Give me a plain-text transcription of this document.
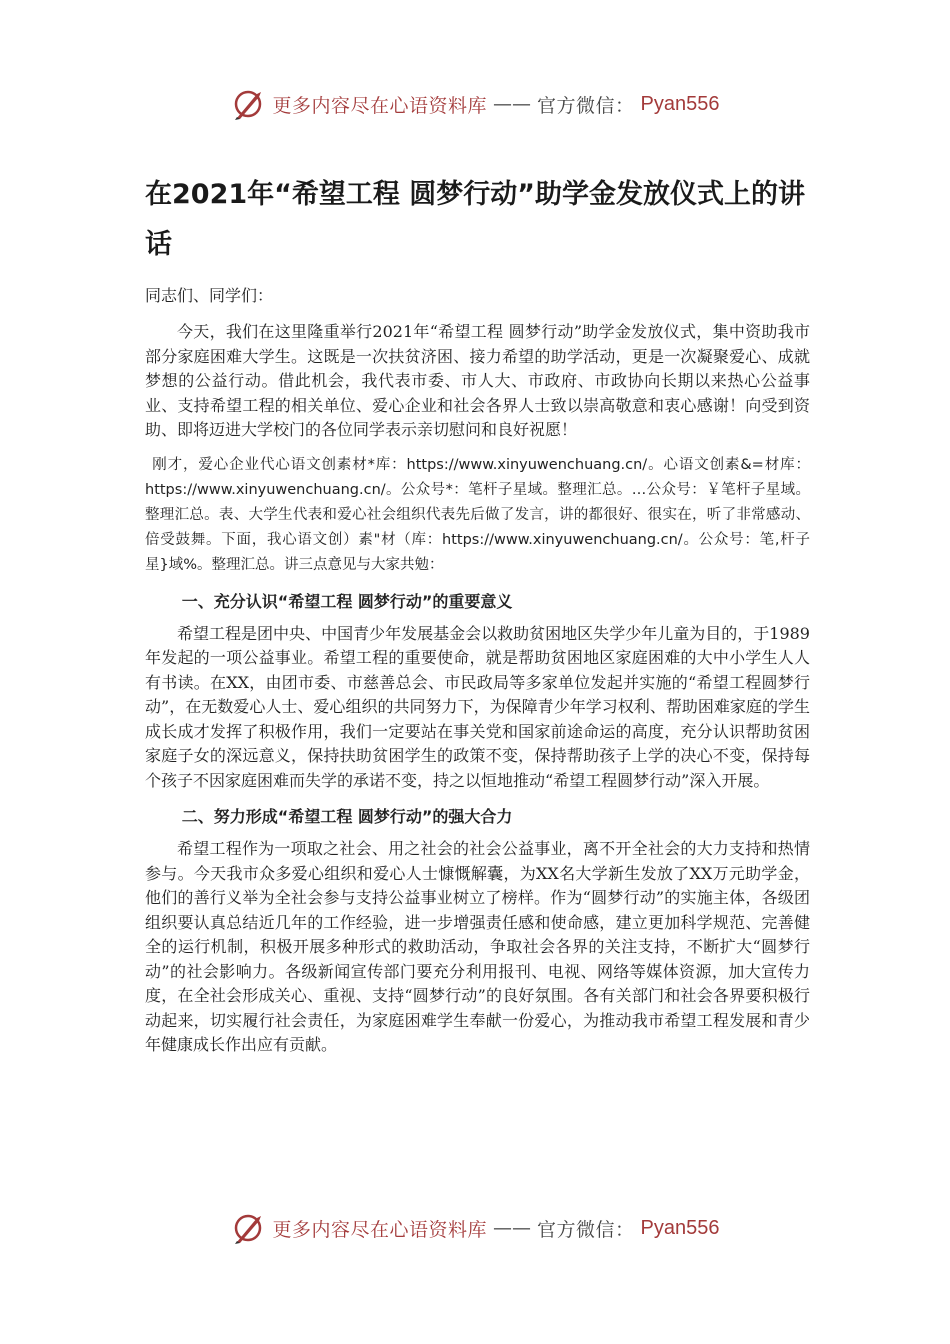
更多内容尽在心语资料库 —— 官方微信： Pyan556
在2021年“希望工程 圆梦行动”助学金发放仪式上的讲话

同志们、同学们：

今天，我们在这里隆重举行2021年“希望工程 圆梦行动”助学金发放仪式，集中资助我市部分家庭困难大学生。这既是一次扶贫济困、接力希望的助学活动，更是一次凝聚爱心、成就梦想的公益行动。借此机会，我代表市委、市人大、市政府、市政协向长期以来热心公益事业、支持希望工程的相关单位、爱心企业和社会各界人士致以崇高敬意和衷心感谢！向受到资助、即将迈进大学校门的各位同学表示亲切慰问和良好祝愿！

刚才，爱心企业代心语文创素材*库：https://www.xinyuwenchuang.cn/。心语文创素&=材库：https://www.xinyuwenchuang.cn/。公众号*：笔杆子星域。整理汇总。…公众号：￥笔杆子星域。整理汇总。表、大学生代表和爱心社会组织代表先后做了发言，讲的都很好、很实在，听了非常感动、倍受鼓舞。下面，我心语文创）素"材（库：https://www.xinyuwenchuang.cn/。公众号：笔,杆子星}域%。整理汇总。讲三点意见与大家共勉：

一、充分认识“希望工程 圆梦行动”的重要意义

希望工程是团中央、中国青少年发展基金会以救助贫困地区失学少年儿童为目的，于1989年发起的一项公益事业。希望工程的重要使命，就是帮助贫困地区家庭困难的大中小学生人人有书读。在XX，由团市委、市慈善总会、市民政局等多家单位发起并实施的“希望工程圆梦行动”，在无数爱心人士、爱心组织的共同努力下，为保障青少年学习权利、帮助困难家庭的学生成长成才发挥了积极作用，我们一定要站在事关党和国家前途命运的高度，充分认识帮助贫困家庭子女的深远意义，保持扶助贫困学生的政策不变，保持帮助孩子上学的决心不变，保持每个孩子不因家庭困难而失学的承诺不变，持之以恒地推动“希望工程圆梦行动”深入开展。

二、努力形成“希望工程 圆梦行动”的强大合力

希望工程作为一项取之社会、用之社会的社会公益事业，离不开全社会的大力支持和热情参与。今天我市众多爱心组织和爱心人士慷慨解囊，为XX名大学新生发放了XX万元助学金，他们的善行义举为全社会参与支持公益事业树立了榜样。作为“圆梦行动”的实施主体，各级团组织要认真总结近几年的工作经验，进一步增强责任感和使命感，建立更加科学规范、完善健全的运行机制，积极开展多种形式的救助活动，争取社会各界的关注支持，不断扩大“圆梦行动”的社会影响力。各级新闻宣传部门要充分利用报刊、电视、网络等媒体资源，加大宣传力度，在全社会形成关心、重视、支持“圆梦行动”的良好氛围。各有关部门和社会各界要积极行动起来，切实履行社会责任，为家庭困难学生奉献一份爱心，为推动我市希望工程发展和青少年健康成长作出应有贡献。

更多内容尽在心语资料库 —— 官方微信： Pyan556
